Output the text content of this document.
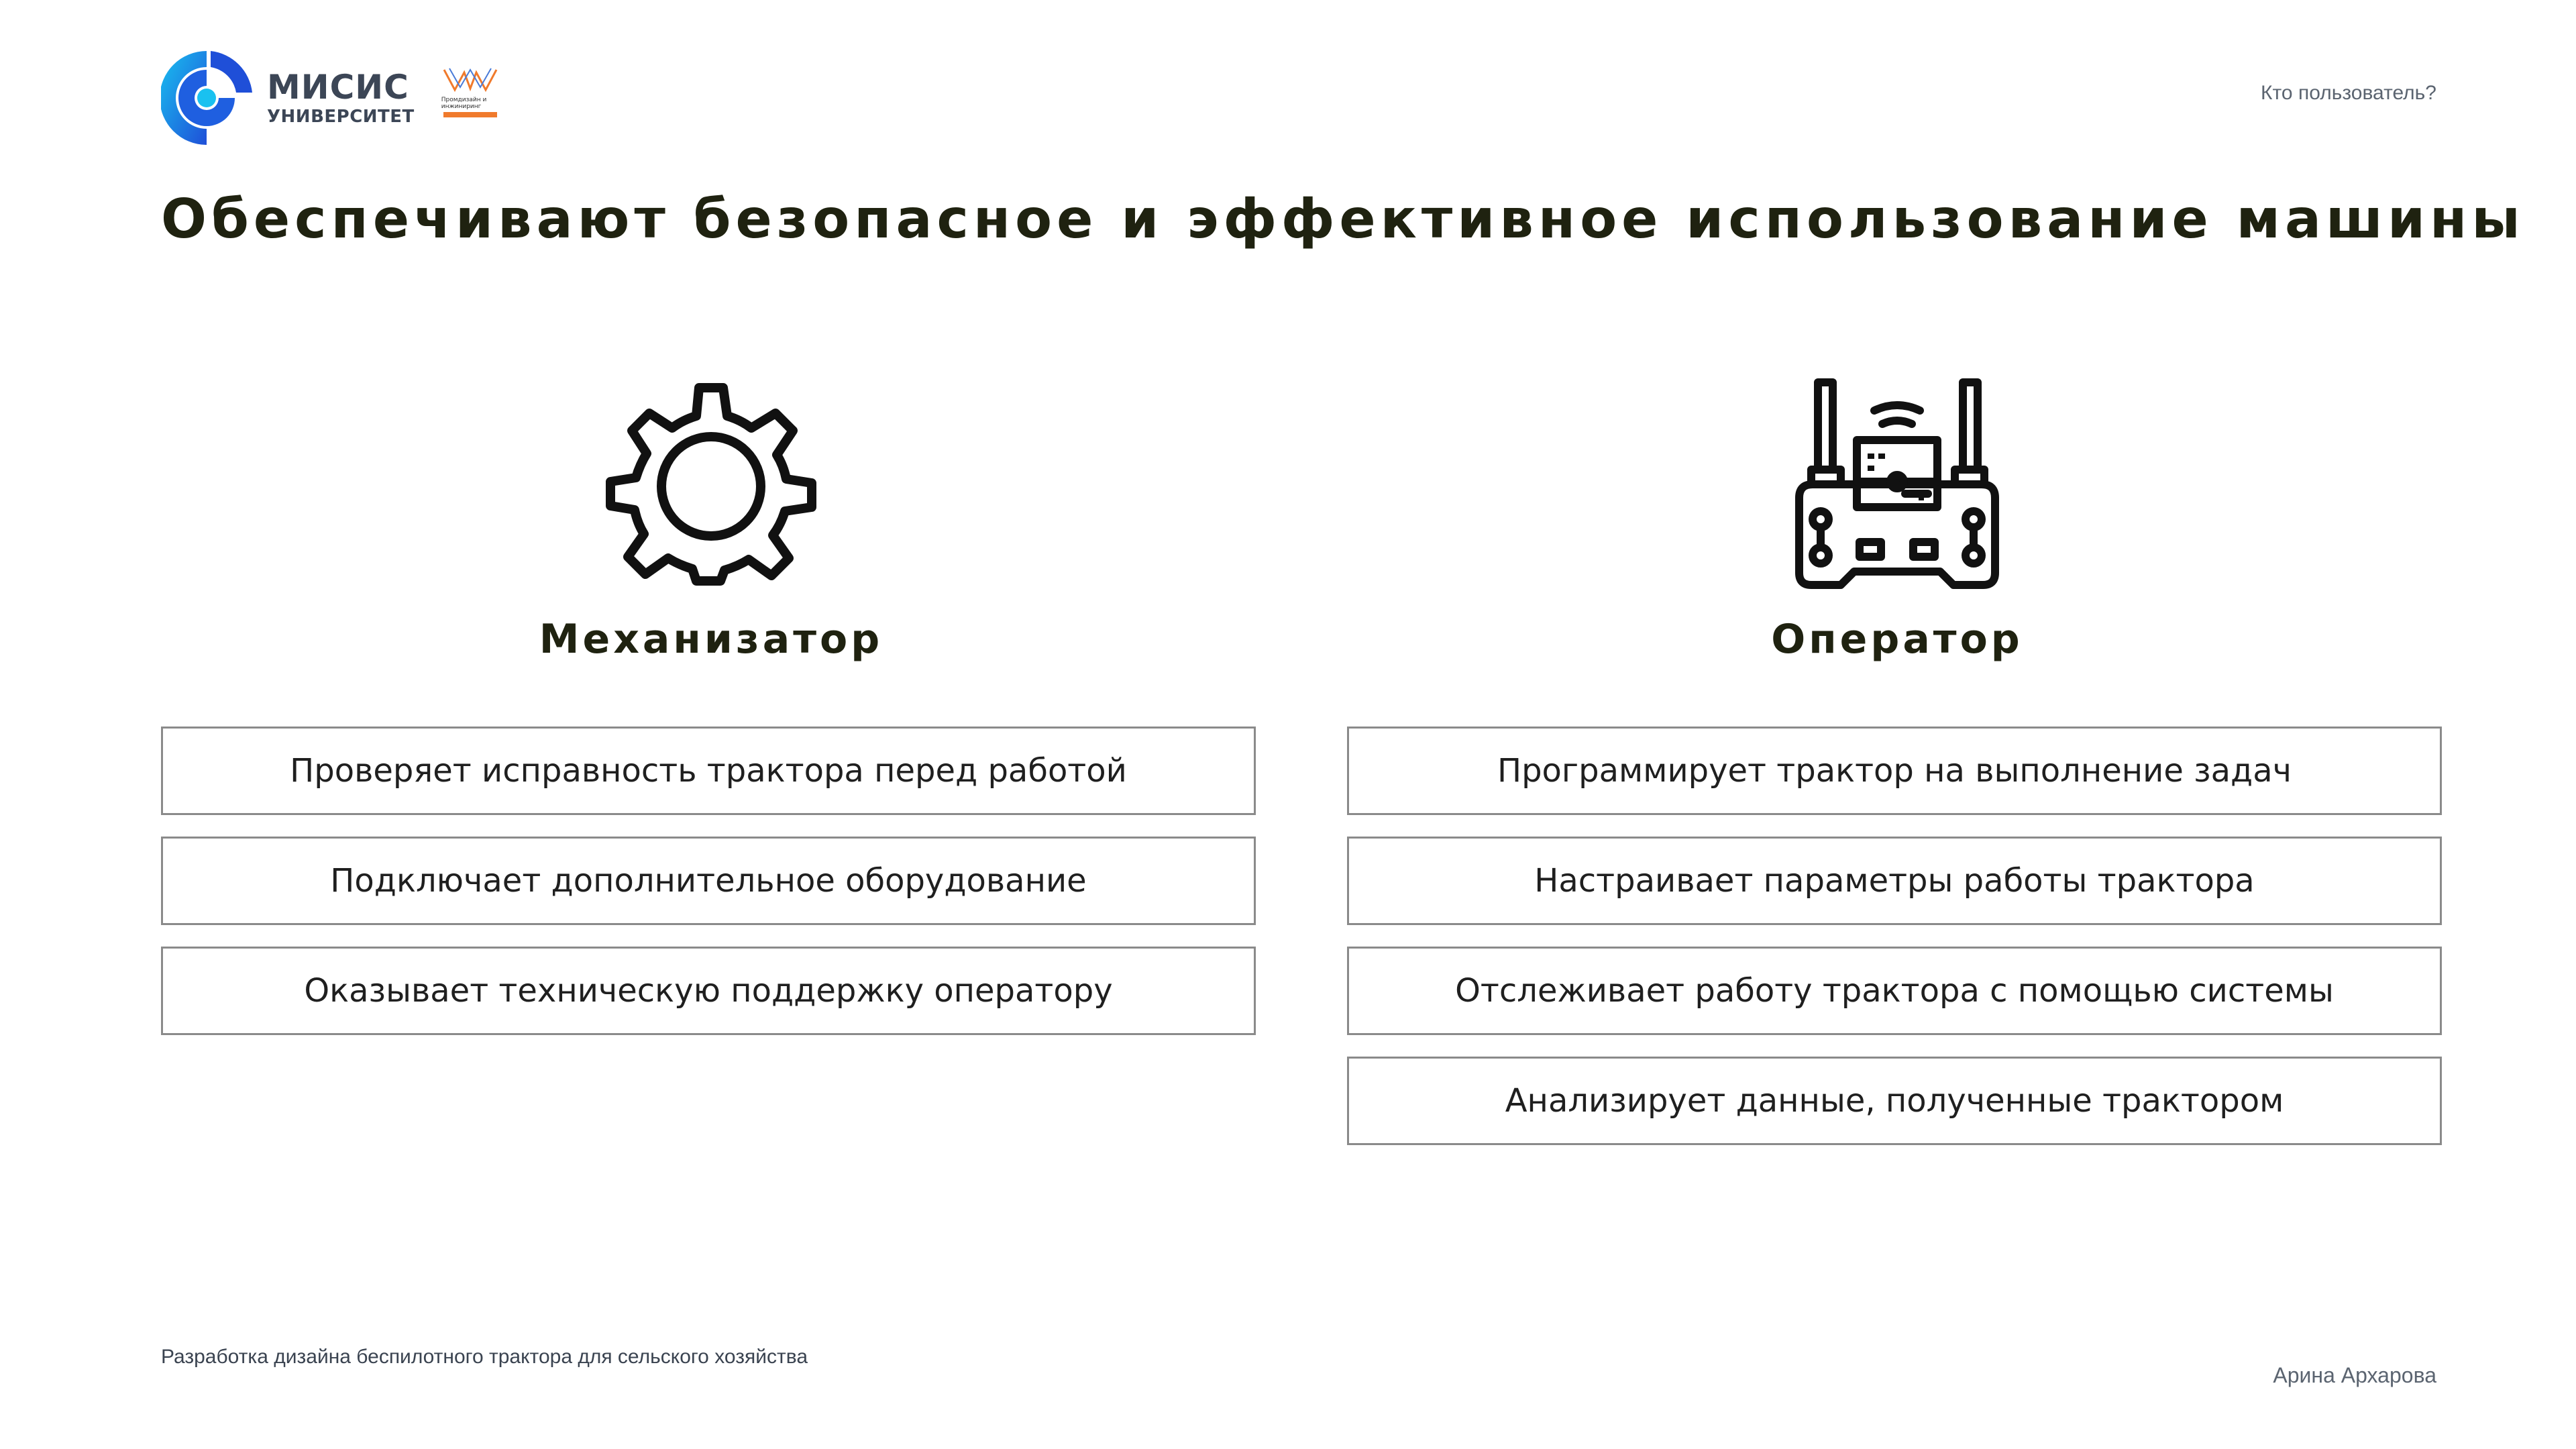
МИСИС
УНИВЕРСИТЕТ
Промдизайн и инжиниринг
Кто пользователь?
Обеспечивают безопасное и эффективное использование машины
Механизатор	Оператор
Проверяет исправность трактора перед работой
Подключает дополнительное оборудование
Оказывает техническую поддержку оператору
Программирует трактор на выполнение задач
Настраивает параметры работы трактора
Отслеживает работу трактора с помощью системы
Анализирует данные, полученные трактором
Разработка дизайна беспилотного трактора для сельского хозяйства
Арина Архарова
